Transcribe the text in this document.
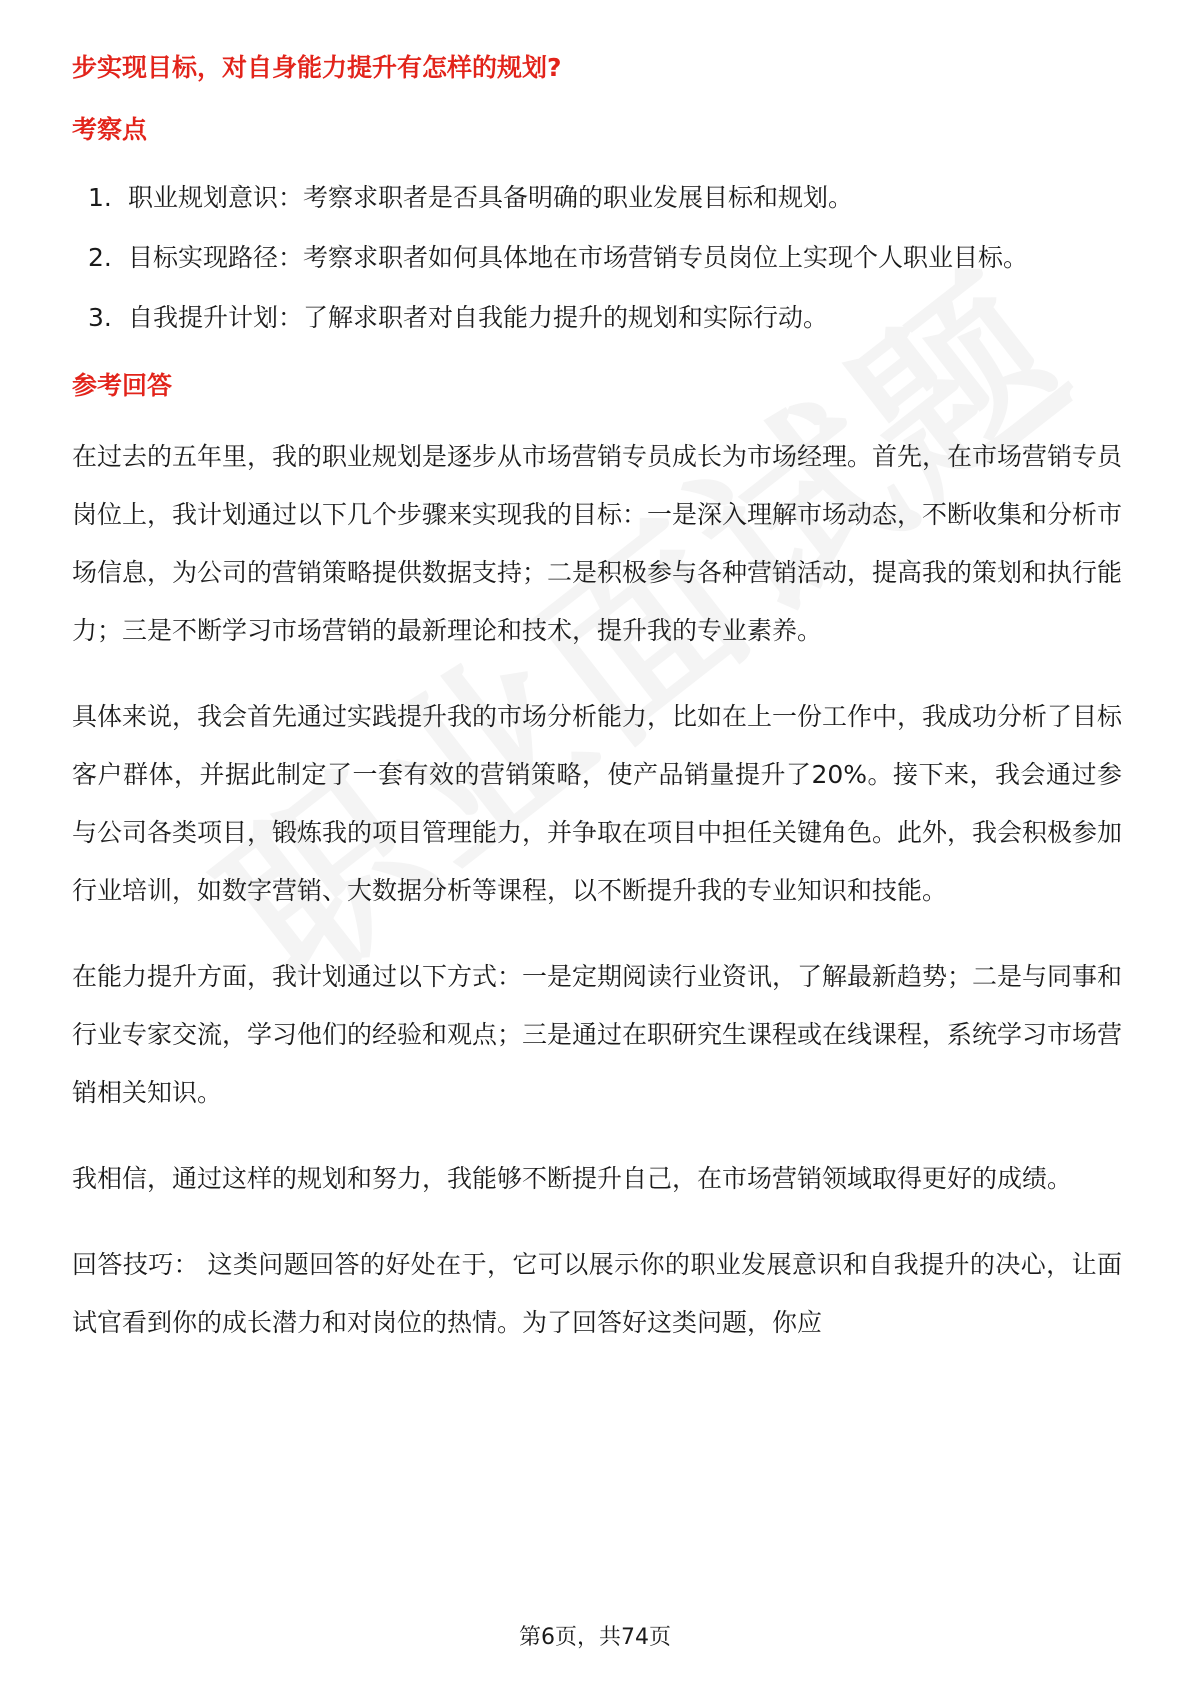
步实现目标，对自身能力提升有怎样的规划?

考察点

1. 职业规划意识：考察求职者是否具备明确的职业发展目标和规划。
2. 目标实现路径：考察求职者如何具体地在市场营销专员岗位上实现个人职业目标。
3. 自我提升计划：了解求职者对自我能力提升的规划和实际行动。

参考回答

在过去的五年里，我的职业规划是逐步从市场营销专员成长为市场经理。首先，在市场营销专员岗位上，我计划通过以下几个步骤来实现我的目标：一是深入理解市场动态，不断收集和分析市场信息，为公司的营销策略提供数据支持；二是积极参与各种营销活动，提高我的策划和执行能力；三是不断学习市场营销的最新理论和技术，提升我的专业素养。

具体来说，我会首先通过实践提升我的市场分析能力，比如在上一份工作中，我成功分析了目标客户群体，并据此制定了一套有效的营销策略，使产品销量提升了20%。接下来，我会通过参与公司各类项目，锻炼我的项目管理能力，并争取在项目中担任关键角色。此外，我会积极参加行业培训，如数字营销、大数据分析等课程，以不断提升我的专业知识和技能。

在能力提升方面，我计划通过以下方式：一是定期阅读行业资讯，了解最新趋势；二是与同事和行业专家交流，学习他们的经验和观点；三是通过在职研究生课程或在线课程，系统学习市场营销相关知识。

我相信，通过这样的规划和努力，我能够不断提升自己，在市场营销领域取得更好的成绩。

回答技巧： 这类问题回答的好处在于，它可以展示你的职业发展意识和自我提升的决心，让面试官看到你的成长潜力和对岗位的热情。为了回答好这类问题，你应

第6页，共74页
